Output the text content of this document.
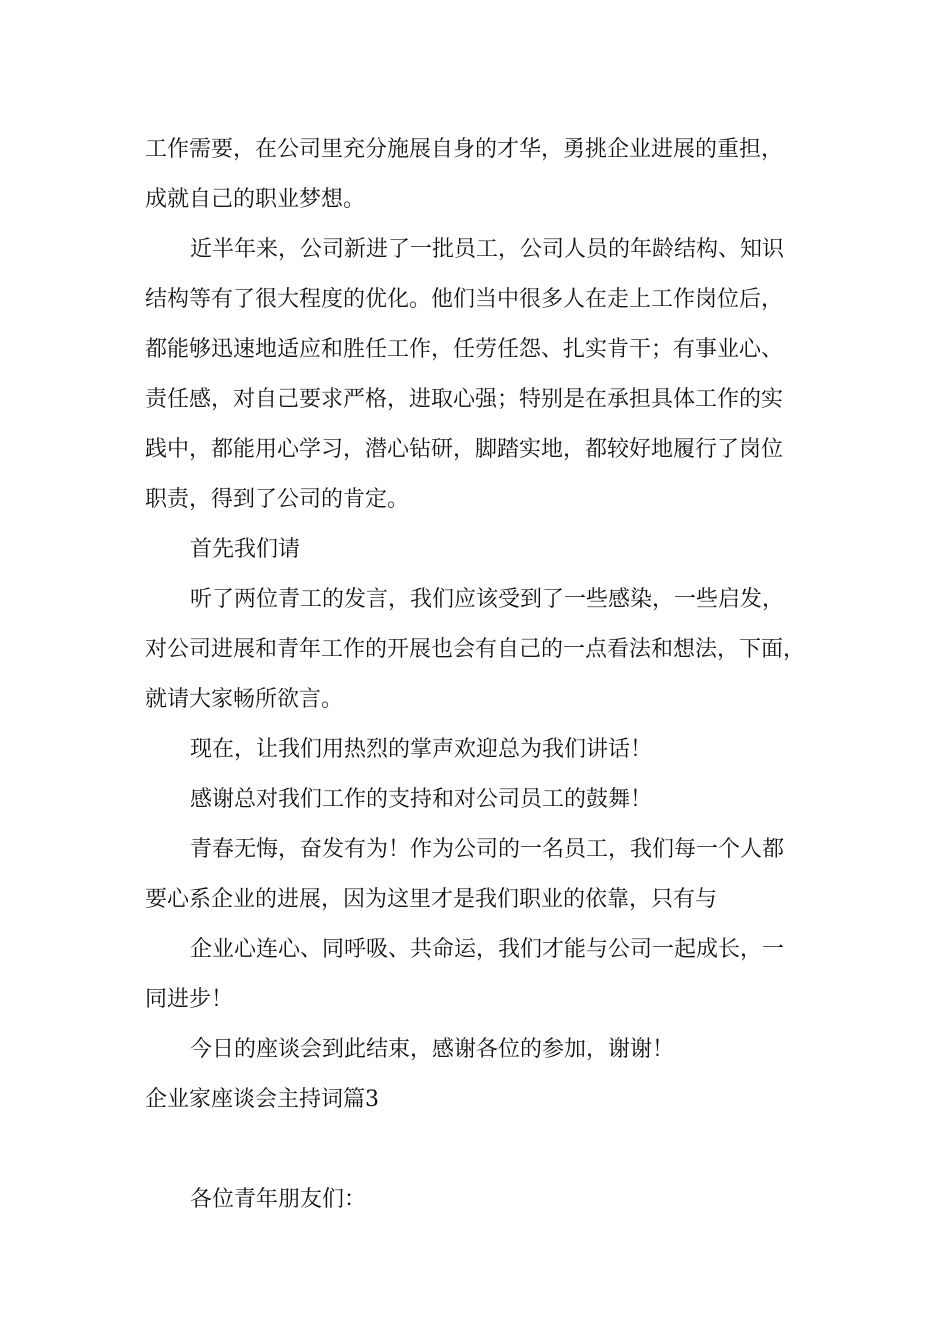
工作需要，在公司里充分施展自身的才华，勇挑企业进展的重担，
成就自己的职业梦想。
近半年来，公司新进了一批员工，公司人员的年龄结构、知识
结构等有了很大程度的优化。他们当中很多人在走上工作岗位后，
都能够迅速地适应和胜任工作，任劳任怨、扎实肯干；有事业心、
责任感，对自己要求严格，进取心强；特别是在承担具体工作的实
践中，都能用心学习，潜心钻研，脚踏实地，都较好地履行了岗位
职责，得到了公司的肯定。
首先我们请
听了两位青工的发言，我们应该受到了一些感染，一些启发，
对公司进展和青年工作的开展也会有自己的一点看法和想法，下面，
就请大家畅所欲言。
现在，让我们用热烈的掌声欢迎总为我们讲话！
感谢总对我们工作的支持和对公司员工的鼓舞！
青春无悔，奋发有为！作为公司的一名员工，我们每一个人都
要心系企业的进展，因为这里才是我们职业的依靠，只有与
企业心连心、同呼吸、共命运，我们才能与公司一起成长，一
同进步！
今日的座谈会到此结束，感谢各位的参加，谢谢！
企业家座谈会主持词篇3
各位青年朋友们：
